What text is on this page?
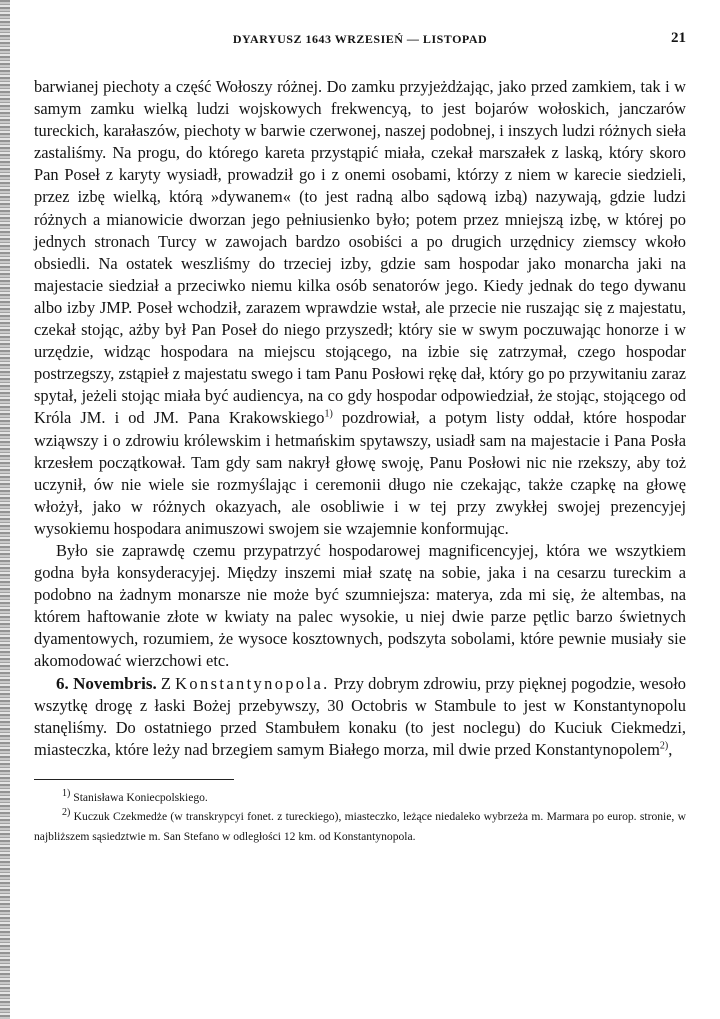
DYARYUSZ 1643 WRZESIEŃ — LISTOPAD	21

barwianej piechoty a część Wołoszy różnej. Do zamku przyjeżdżając, jako przed zamkiem, tak i w samym zamku wielką ludzi wojskowych frekwencyą, to jest bojarów wołoskich, janczarów tureckich, karałaszów, piechoty w barwie czerwonej, naszej podobnej, i inszych ludzi różnych sieła zastaliśmy. Na progu, do którego kareta przystąpić miała, czekał marszałek z laską, który skoro Pan Poseł z karyty wysiadł, prowadził go i z onemi osobami, którzy z niem w karecie siedzieli, przez izbę wielką, którą »dywanem« (to jest radną albo sądową izbą) nazywają, gdzie ludzi różnych a mianowicie dworzan jego pełniusienko było; potem przez mniejszą izbę, w której po jednych stronach Turcy w zawojach bardzo osobiści a po drugich urzędnicy ziemscy wkoło obsiedli. Na ostatek weszliśmy do trzeciej izby, gdzie sam hospodar jako monarcha jaki na majestacie siedział a przeciwko niemu kilka osób senatorów jego. Kiedy jednak do tego dywanu albo izby JMP. Poseł wchodził, zarazem wprawdzie wstał, ale przecie nie ruszając się z majestatu, czekał stojąc, ażby był Pan Poseł do niego przyszedł; który sie w swym poczuwając honorze i w urzędzie, widząc hospodara na miejscu stojącego, na izbie się zatrzymał, czego hospodar postrzegszy, zstąpieł z majestatu swego i tam Panu Posłowi rękę dał, który go po przywitaniu zaraz spytał, jeżeli stojąc miała być audiencya, na co gdy hospodar odpowiedział, że stojąc, stojącego od Króla JM. i od JM. Pana Krakowskiego$^{1)}$ pozdrowiał, a potym listy oddał, które hospodar wziąwszy i o zdrowiu królewskim i hetmańskim spytawszy, usiadł sam na majestacie i Pana Posła krzesłem początkował. Tam gdy sam nakrył głowę swoję, Panu Posłowi nic nie rzekszy, aby toż uczynił, ów nie wiele sie rozmyślając i ceremonii długo nie czekając, także czapkę na głowę włożył, jako w różnych okazyach, ale osobliwie i w tej przy zwykłej swojej prezencyjej wysokiemu hospodara animuszowi swojem sie wzajemnie konformując.

Było sie zaprawdę czemu przypatrzyć hospodarowej magnificencyjej, która we wszytkiem godna była konsyderacyjej. Między inszemi miał szatę na sobie, jaka i na cesarzu tureckim a podobno na żadnym monarsze nie może być szumniejsza: materya, zda mi się, że altembas, na którem haftowanie złote w kwiaty na palec wysokie, u niej dwie parze pętlic barzo świetnych dyamentowych, rozumiem, że wysoce kosztownych, podszyta sobolami, które pewnie musiały sie akomodować wierzchowi etc.

6. Novembris. Z Konstantynopola. Przy dobrym zdrowiu, przy pięknej pogodzie, wesoło wszytkę drogę z łaski Bożej przebywszy, 30 Octobris w Stambule to jest w Konstantynopolu stanęliśmy. Do ostatniego przed Stambułem konaku (to jest noclegu) do Kuciuk Ciekmedzi, miasteczka, które leży nad brzegiem samym Białego morza, mil dwie przed Konstantynopolem$^{2)}$,

$^{1)}$ Stanisława Koniecpolskiego.

$^{2)}$ Kuczuk Czekmedże (w transkrypcyi fonet. z tureckiego), miasteczko, leżące niedaleko wybrzeża m. Marmara po europ. stronie, w najbliższem sąsiedztwie m. San Stefano w odległości 12 km. od Konstantynopola.
